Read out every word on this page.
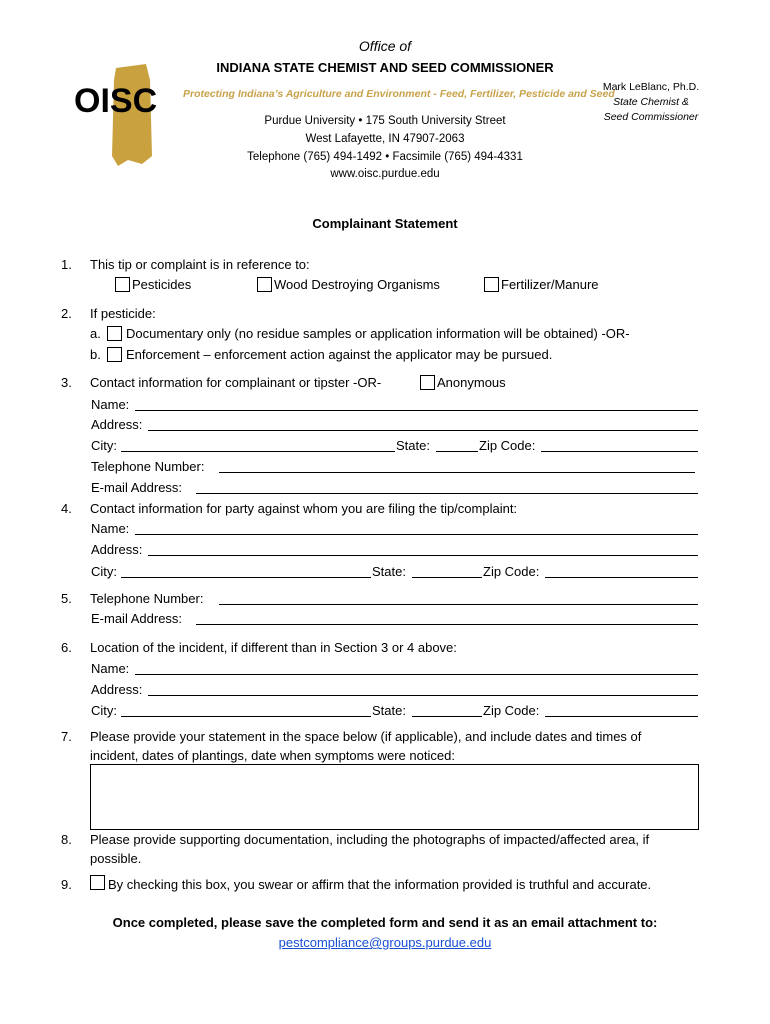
Office of
INDIANA STATE CHEMIST AND SEED COMMISSIONER
OISC Protecting Indiana’s Agriculture and Environment - Feed, Fertilizer, Pesticide and Seed
Purdue University • 175 South University Street
West Lafayette, IN 47907-2063
Telephone (765) 494-1492 • Facsimile (765) 494-4331
www.oisc.purdue.edu
Mark LeBlanc, Ph.D.
State Chemist &
Seed Commissioner
Complainant Statement
1. This tip or complaint is in reference to:
Pesticides	Wood Destroying Organisms	Fertilizer/Manure
2. If pesticide:
a. Documentary only (no residue samples or application information will be obtained) -OR-
b. Enforcement – enforcement action against the applicator may be pursued.
3. Contact information for complainant or tipster -OR-	Anonymous
Name:
Address:
City:	State:	Zip Code:
Telephone Number:
E-mail Address:
4. Contact information for party against whom you are filing the tip/complaint:
Name:
Address:
City:	State:	Zip Code:
5. Telephone Number:
E-mail Address:
6. Location of the incident, if different than in Section 3 or 4 above:
Name:
Address:
City:	State:	Zip Code:
7. Please provide your statement in the space below (if applicable), and include dates and times of
incident, dates of plantings, date when symptoms were noticed:
8. Please provide supporting documentation, including the photographs of impacted/affected area, if
possible.
9.	By checking this box, you swear or affirm that the information provided is truthful and accurate.
Once completed, please save the completed form and send it as an email attachment to:
pestcompliance@groups.purdue.edu
